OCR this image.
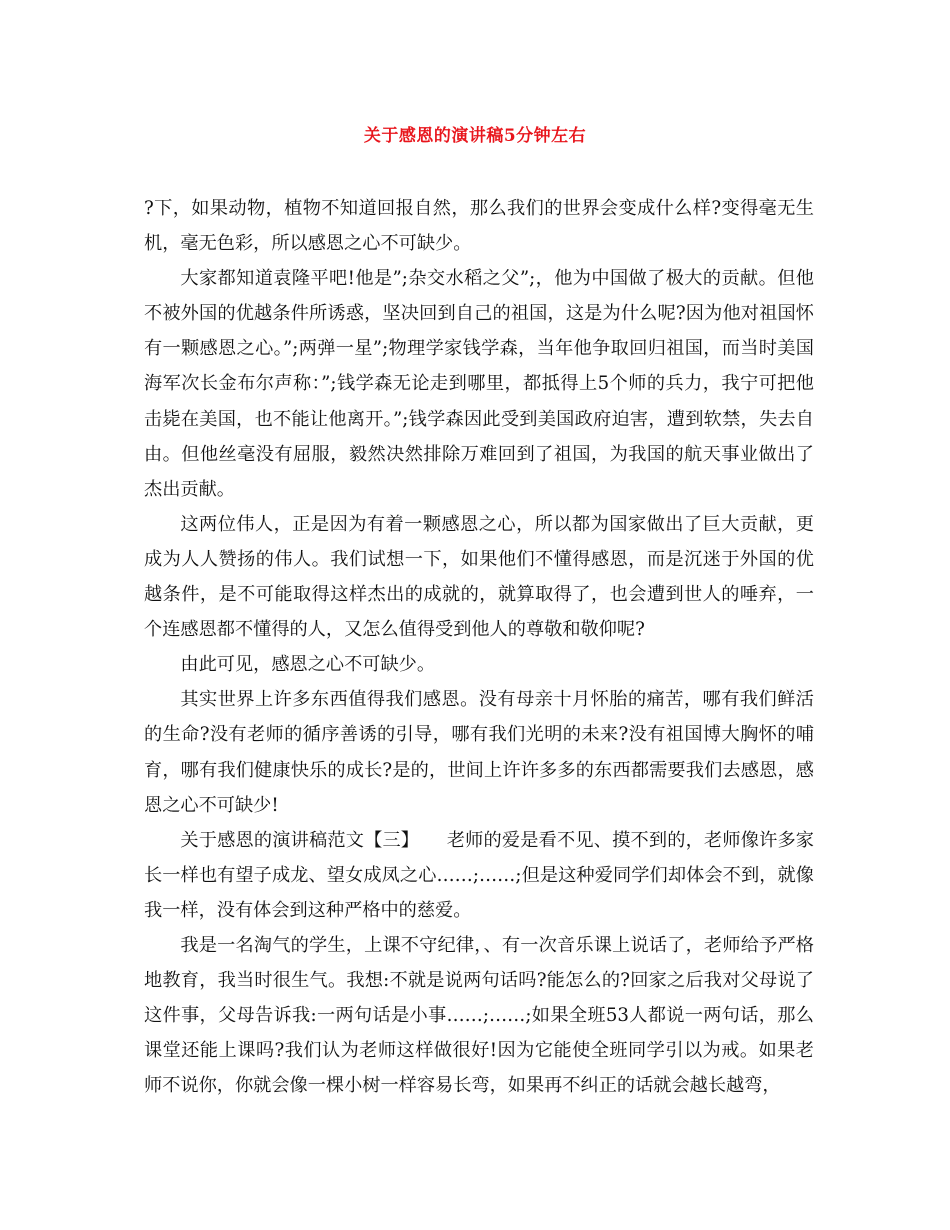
关于感恩的演讲稿5分钟左右

?下，如果动物，植物不知道回报自然，那么我们的世界会变成什么样?变得毫无生机，毫无色彩，所以感恩之心不可缺少。

大家都知道袁隆平吧!他是”;杂交水稻之父”;，他为中国做了极大的贡献。但他不被外国的优越条件所诱惑，坚决回到自己的祖国，这是为什么呢?因为他对祖国怀有一颗感恩之心。”;两弹一星”;物理学家钱学森，当年他争取回归祖国，而当时美国海军次长金布尔声称：”;钱学森无论走到哪里，都抵得上5个师的兵力，我宁可把他击毙在美国，也不能让他离开。”;钱学森因此受到美国政府迫害，遭到软禁，失去自由。但他丝毫没有屈服，毅然决然排除万难回到了祖国，为我国的航天事业做出了杰出贡献。

这两位伟人，正是因为有着一颗感恩之心，所以都为国家做出了巨大贡献，更成为人人赞扬的伟人。我们试想一下，如果他们不懂得感恩，而是沉迷于外国的优越条件，是不可能取得这样杰出的成就的，就算取得了，也会遭到世人的唾弃，一个连感恩都不懂得的人，又怎么值得受到他人的尊敬和敬仰呢?

由此可见，感恩之心不可缺少。

其实世界上许多东西值得我们感恩。没有母亲十月怀胎的痛苦，哪有我们鲜活的生命?没有老师的循序善诱的引导，哪有我们光明的未来?没有祖国博大胸怀的哺育，哪有我们健康快乐的成长?是的，世间上许许多多的东西都需要我们去感恩，感恩之心不可缺少!

关于感恩的演讲稿范文【三】　　老师的爱是看不见、摸不到的，老师像许多家长一样也有望子成龙、望女成凤之心……;……;但是这种爱同学们却体会不到，就像我一样，没有体会到这种严格中的慈爱。

我是一名淘气的学生，上课不守纪律，、有一次音乐课上说话了，老师给予严格地教育，我当时很生气。我想:不就是说两句话吗?能怎么的?回家之后我对父母说了这件事，父母告诉我:一两句话是小事……;……;如果全班53人都说一两句话，那么课堂还能上课吗?我们认为老师这样做很好!因为它能使全班同学引以为戒。如果老师不说你，你就会像一棵小树一样容易长弯，如果再不纠正的话就会越长越弯，
